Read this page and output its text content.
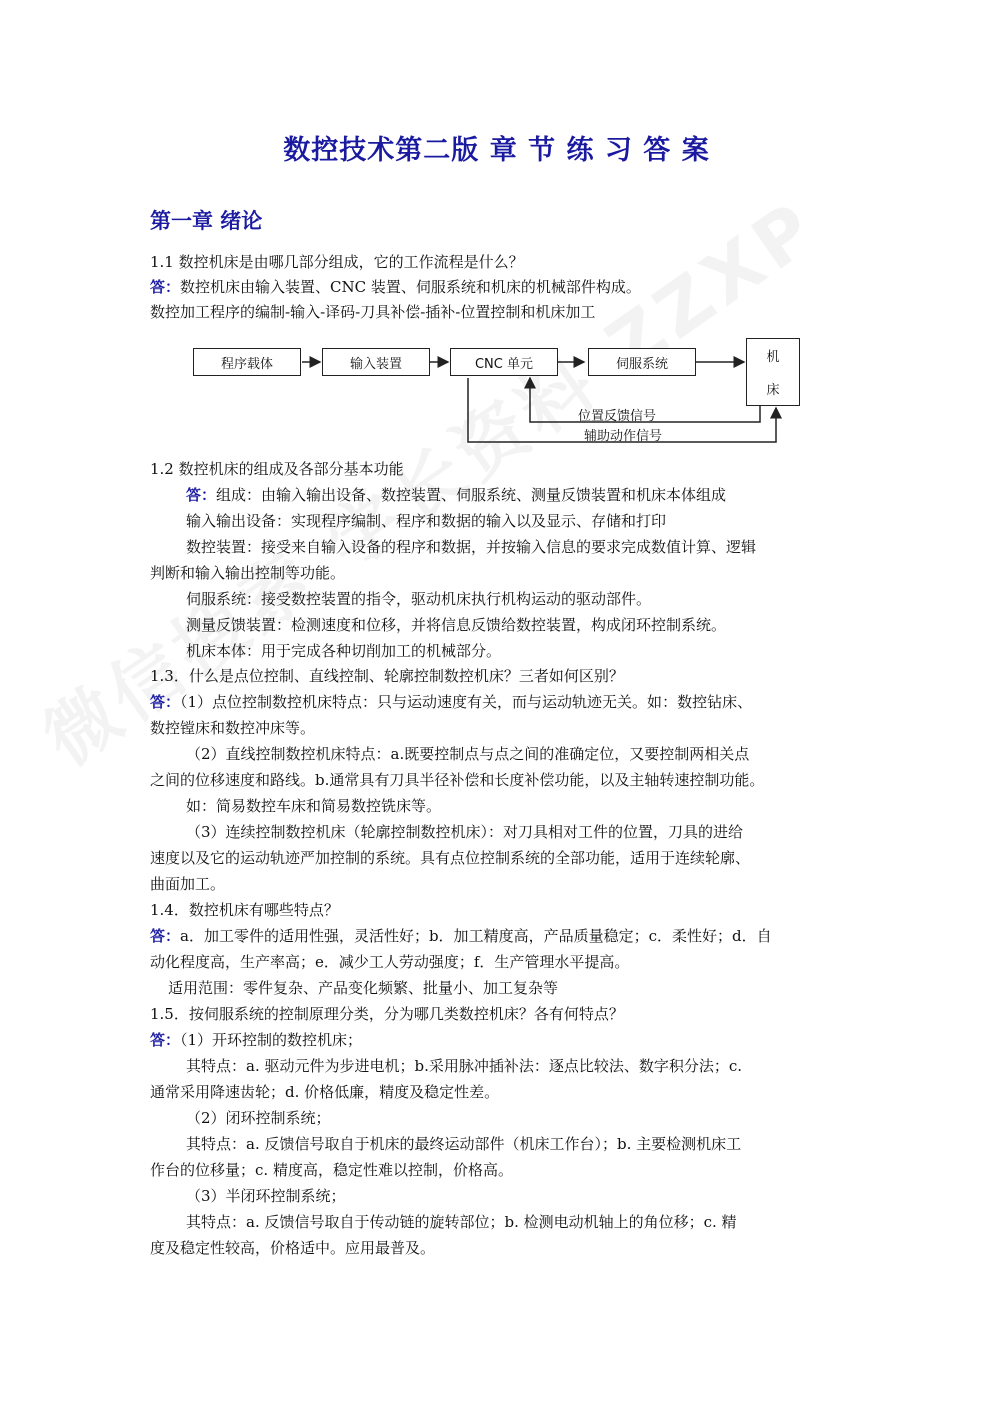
数控技术第二版 章 节 练 习 答 案
第一章 绪论
1.1 数控机床是由哪几部分组成，它的工作流程是什么？
答：数控机床由输入装置、CNC 装置、伺服系统和机床的机械部件构成。
数控加工程序的编制-输入-译码-刀具补偿-插补-位置控制和机床加工
程序载体	输入装置	CNC 单元	伺服系统	机
床
位置反馈信号
辅助动作信号
1.2 数控机床的组成及各部分基本功能
答：组成：由输入输出设备、数控装置、伺服系统、测量反馈装置和机床本体组成
输入输出设备：实现程序编制、程序和数据的输入以及显示、存储和打印
数控装置：接受来自输入设备的程序和数据，并按输入信息的要求完成数值计算、逻辑
判断和输入输出控制等功能。
伺服系统：接受数控装置的指令，驱动机床执行机构运动的驱动部件。
测量反馈装置：检测速度和位移，并将信息反馈给数控装置，构成闭环控制系统。
机床本体：用于完成各种切削加工的机械部分。
1.3．什么是点位控制、直线控制、轮廓控制数控机床？三者如何区别？
答：（1）点位控制数控机床特点：只与运动速度有关，而与运动轨迹无关。如：数控钻床、
数控镗床和数控冲床等。
（2）直线控制数控机床特点：a.既要控制点与点之间的准确定位，又要控制两相关点
之间的位移速度和路线。b.通常具有刀具半径补偿和长度补偿功能，以及主轴转速控制功能。
如：简易数控车床和简易数控铣床等。
（3）连续控制数控机床（轮廓控制数控机床）：对刀具相对工件的位置，刀具的进给
速度以及它的运动轨迹严加控制的系统。具有点位控制系统的全部功能，适用于连续轮廓、
曲面加工。
1.4．数控机床有哪些特点？
答：a．加工零件的适用性强，灵活性好；b．加工精度高，产品质量稳定；c．柔性好；d．自
动化程度高，生产率高；e．减少工人劳动强度；f．生产管理水平提高。
适用范围：零件复杂、产品变化频繁、批量小、加工复杂等
1.5．按伺服系统的控制原理分类，分为哪几类数控机床？各有何特点？
答：（1）开环控制的数控机床；
其特点：a. 驱动元件为步进电机；b.采用脉冲插补法：逐点比较法、数字积分法；c.
通常采用降速齿轮；d. 价格低廉，精度及稳定性差。
（2）闭环控制系统；
其特点：a. 反馈信号取自于机床的最终运动部件（机床工作台）；b. 主要检测机床工
作台的位移量；c. 精度高，稳定性难以控制，价格高。
（3）半闭环控制系统；
其特点：a. 反馈信号取自于传动链的旋转部位；b. 检测电动机轴上的角位移；c. 精
度及稳定性较高，价格适中。应用最普及。
